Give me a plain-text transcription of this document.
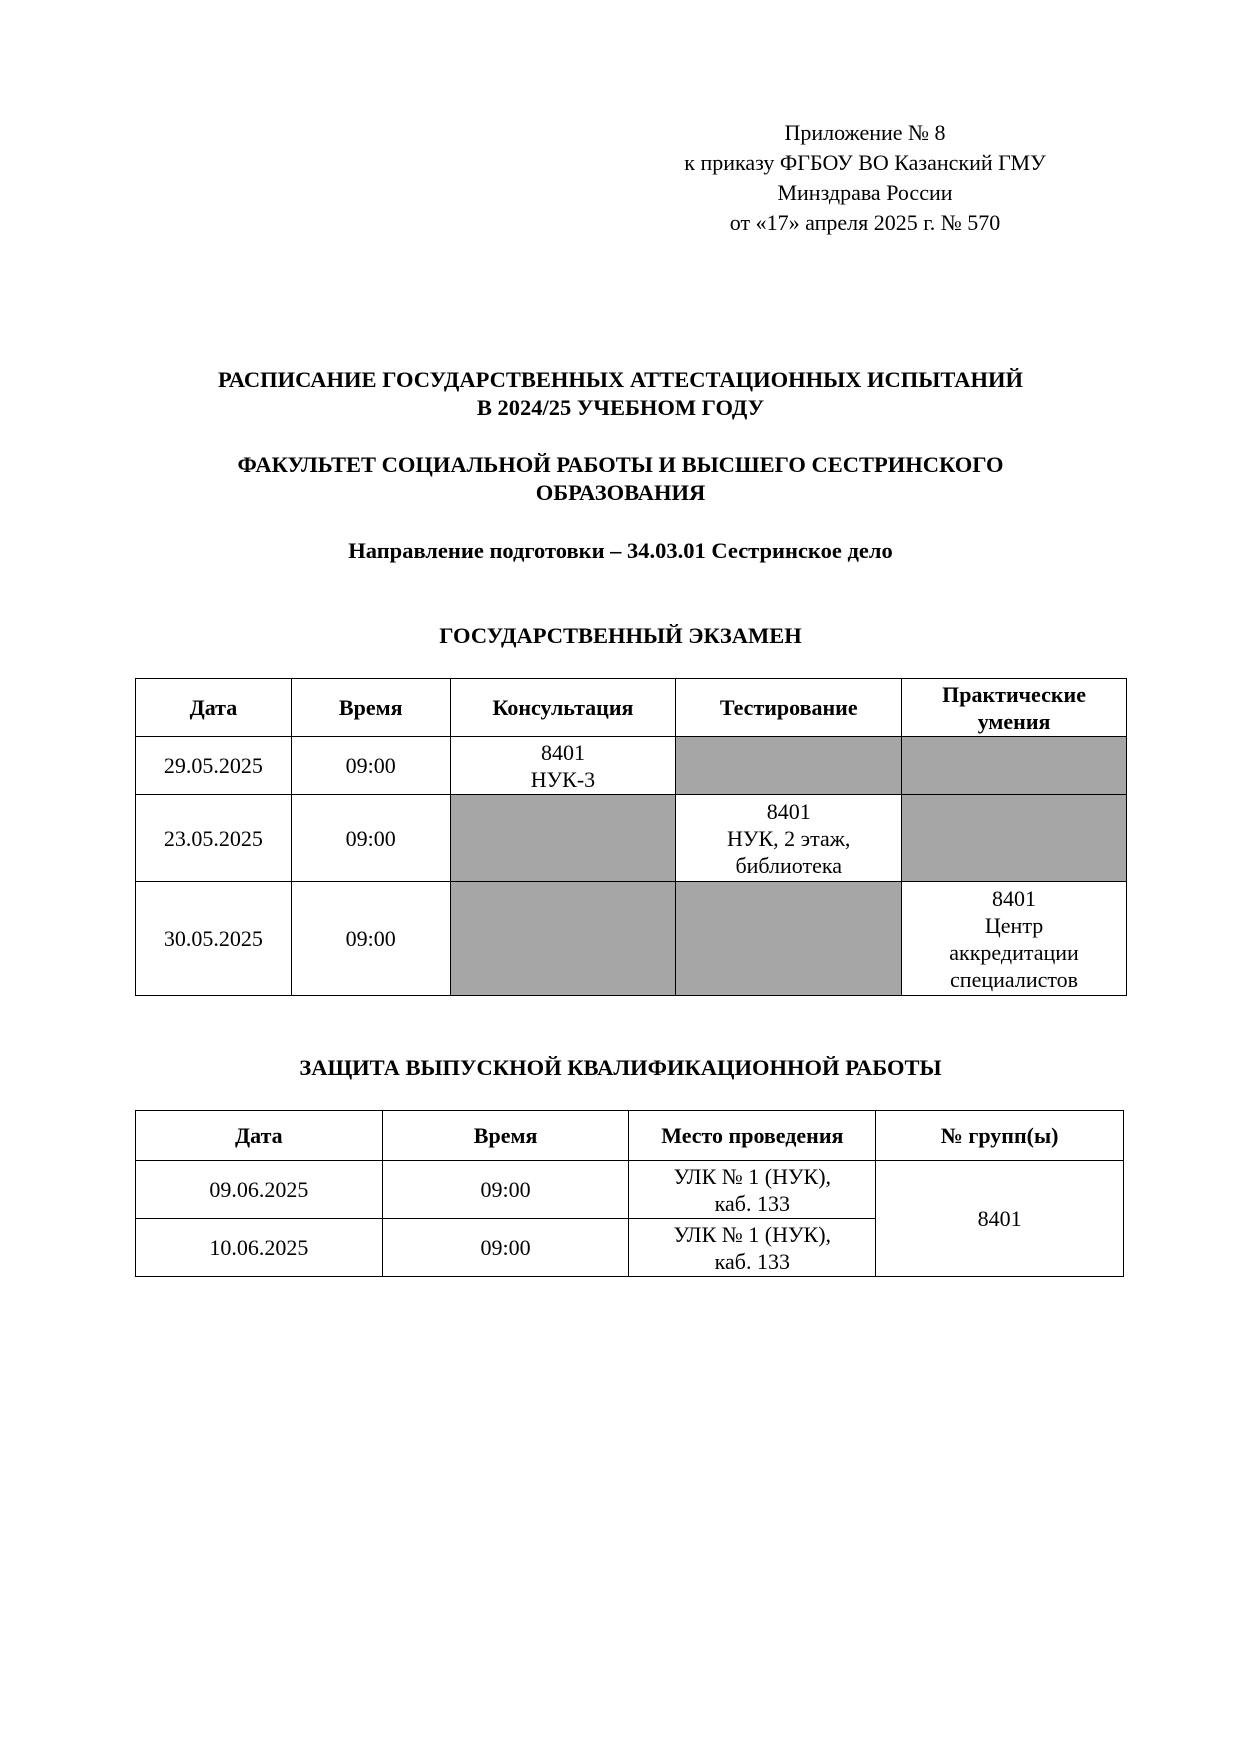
Приложение № 8
к приказу ФГБОУ ВО Казанский ГМУ
Минздрава России
от «17» апреля 2025 г. № 570
РАСПИСАНИЕ ГОСУДАРСТВЕННЫХ АТТЕСТАЦИОННЫХ ИСПЫТАНИЙ
В 2024/25 УЧЕБНОМ ГОДУ
ФАКУЛЬТЕТ СОЦИАЛЬНОЙ РАБОТЫ И ВЫСШЕГО СЕСТРИНСКОГО
ОБРАЗОВАНИЯ
Направление подготовки – 34.03.01 Сестринское дело
ГОСУДАРСТВЕННЫЙ ЭКЗАМЕН
Дата	Время	Консультация	Тестирование	Практические умения

29.05.2025	09:00	8401
НУК-3		

23.05.2025	09:00		8401
НУК, 2 этаж,
библиотека	

30.05.2025	09:00			8401
Центр
аккредитации
специалистов
ЗАЩИТА ВЫПУСКНОЙ КВАЛИФИКАЦИОННОЙ РАБОТЫ
Дата	Время	Место проведения	№ групп(ы)
09.06.2025	09:00	УЛК № 1 (НУК),
каб. 133	8401
10.06.2025	09:00	УЛК № 1 (НУК),
каб. 133	
